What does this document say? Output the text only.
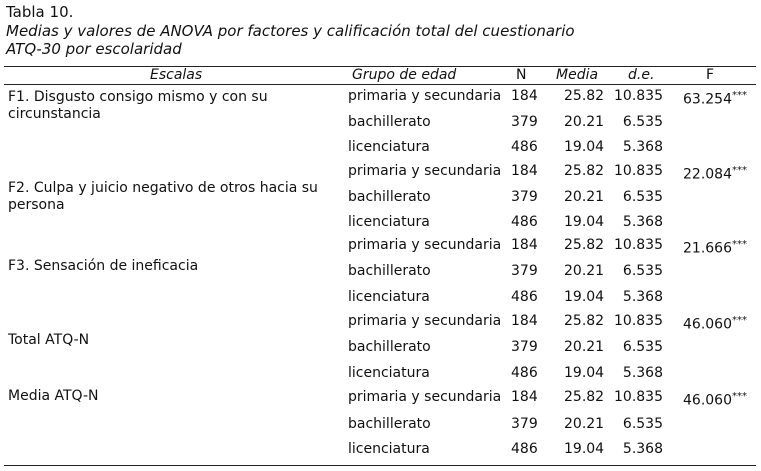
Tabla 10.
Medias y valores de ANOVA por factores y calificación total del cuestionario
ATQ-30 por escolaridad
Escalas	Grupo de edad	N Media d.e.	F
F1. Disgusto consigo mismo y con su
circunstancia
primaria y secundaria 184 25.82 10.835 63.254***
bachillerato	379 20.21 6.535
licenciatura	486 19.04 5.368
F2. Culpa y juicio negativo de otros hacia su
persona
primaria y secundaria 184 25.82 10.835 22.084***
bachillerato	379 20.21 6.535
licenciatura	486 19.04 5.368
F3. Sensación de ineficacia
primaria y secundaria 184 25.82 10.835 21.666***
bachillerato	379 20.21 6.535
licenciatura	486 19.04 5.368
Total ATQ-N
primaria y secundaria 184 25.82 10.835 46.060***
bachillerato	379 20.21 6.535
licenciatura	486 19.04 5.368
Media ATQ-N	primaria y secundaria 184 25.82 10.835 46.060***
bachillerato	379 20.21 6.535
licenciatura	486 19.04 5.368
